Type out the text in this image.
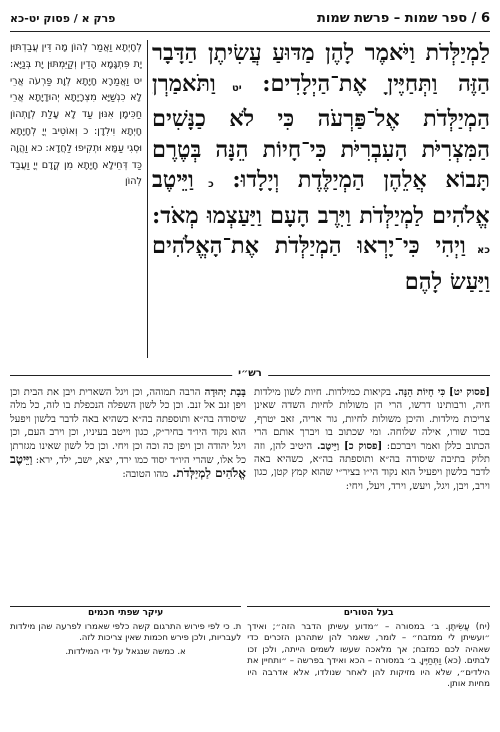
6 / ספר שמות – פרשת שמות
פרק א / פסוק יט-כא
לְחָיְתָא וַאֲמַר לְהוֹן מָה דֵּין עֲבַדְתּוּן יָת פִּתְגָּמָא הָדֵין וְקַיֵּמְתּוּן יָת בְּנַיָּא: יט וַאֲמַרָא חָיָתָא לְוָת פַּרְעֹה אֲרֵי לָא כִנְשַׁיָּא מִצְרָיָתָא יְהוּדָיָתָא אֲרֵי חַכִּימָן אִנּוּן עַד לָא עָלַת לְוָתְהוֹן חָיְתָא וִילִדָן: כ וְאוֹטֵיב יְיָ לְחָיָתָא וּסְגִי עַמָּא וּתְקִיפוּ לַחֲדָא: כא וַהֲוָה כַּד דְּחֵילָא חָיָתָא מִן קֳדָם יְיָ וַעֲבַד לְהוֹן
לַמְיַלְּדֹת וַיֹּאמֶר לָהֶן מַדּוּעַ עֲשִׂיתֶן הַדָּבָר הַזֶּה וַתְּחַיֶּיןָ אֶת־הַיְלָדִים: יט וַתֹּאמַרְןָ הַמְיַלְּדֹת אֶל־פַּרְעֹה כִּי לֹא כַנָּשִׁים הַמִּצְרִיֹּת הָעִבְרִיֹּת כִּי־חָיוֹת הֵנָּה בְּטֶרֶם תָּבוֹא אֲלֵהֶן הַמְיַלֶּדֶת וְיָלָדוּ: כ וַיֵּיטֶב אֱלֹהִים לַמְיַלְּדֹת וַיִּרֶב הָעָם וַיַּעַצְמוּ מְאֹד: כא וַיְהִי כִּי־יָרְאוּ הַמְיַלְּדֹת אֶת־הָאֱלֹהִים וַיַּעַשׂ לָהֶם
רש״י
[פסוק יט] כִּי חָיוֹת הֵנָּה. בקיאות כמילדות. חיות לשון מילדות חיה, ורבותינו דרשו, הרי הן משולות לחיות השדה שאינן צריכות מילדות. והיכן משולות לחיות, גור אריה, זאב יטרף, בכור שורו, אילה שלוחה. ומי שכתוב בו ויברך אותם הרי הכתוב כללן ואמר ויברכם: [פסוק כ] וַיֵּיטֶב. היטיב להן, וזה תלוק בתיבה שיסודה בה״א ותוספתה בה״א, כשהיא באה לדבר בלשון ויפעיל הוא נקוד הי״ו בציר״י שהוא קמץ קטן, כגון וירב, ויבן, ויגל, ויעש, וירד, ויעל, ויחי:
בָּבָת יְהוּדָה הרבה תמוהה, וכן ויגל השארית ויבן את הבית וכן ויפן זנב אל זנב. וכן כל לשון השפלה הנכפלת בו לזה, כל מלה שיסודה בה״א ותוספתה בה״א כשהיא באה לדבר בלשון ויפעל הוא נקוד היו״ד בחיר״ק, כגון וייטב בעיניו, וכן וירב העם, וכן ויגל יהודה וכן ויפן כה וכה וכן ויחי. וכן כל לשון שאינו מגזרתן כל אלו, שהרי היו״ד יסוד כמו ירד, יצא, ישב, ילד, ירא: וַיֵּיטֶב אֱלֹהִים לַמְיַלְּדֹת. מהו הטובה:
בעל הטורים
(יח) עֲשִׂיתֶן. ב׳ במסורה – ״מדוע עשיתן הדבר הזה״; ואידך ״ועשיתן לי ממזבח״ – לומר, שאמר להן שתהרגן הזכרים כדי שאהיה לכם כמזבח; אך מלאכה שעשו לשמים הייתה, ולכן זכו לבתים. (כא) וַתְּחַיֶּיןָ. ב׳ במסורה – הכא ואידך בפרשה – ״ותחיין את הילדים״, שלא היו מזיקות להן לאחר שנולדו, אלא אדרבה היו מחיות אותן.
עיקר שפתי חכמים
ת. כי לפי פירוש התרגום קשה כלפי שאמרו לפרעה שהן מילדות לעבריות, ולכן פירש חכמות שאין צריכות לזה.
א. כמשה שנגאל על ידי המילדות.
